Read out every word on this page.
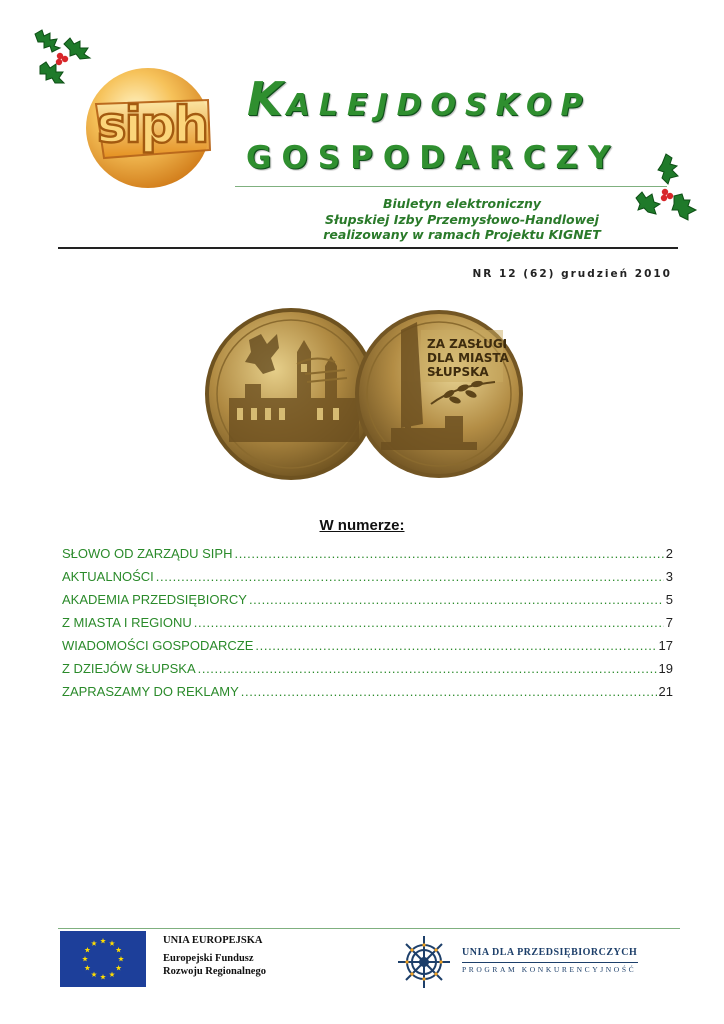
siph KALEJDOSKOP
GOSPODARCZY
Biuletyn elektroniczny
Słupskiej Izby Przemysłowo-Handlowej
realizowany w ramach Projektu KIGNET
NR 12 (62) grudzień 2010
ZA ZASŁUGI
DLA MIASTA
SŁUPSKA
W numerze:
SŁOWO OD ZARZĄDU SIPH . . .	2
AKTUALNOŚCI . . .	3
AKADEMIA PRZEDSIĘBIORCY . . .	5
Z MIASTA I REGIONU . . .	7
WIADOMOŚCI GOSPODARCZE . . .	17
Z DZIEJÓW SŁUPSKA . . .	19
ZAPRASZAMY DO REKLAMY . . .	21
UNIA EUROPEJSKA
Europejski Fundusz
Rozwoju Regionalnego
UNIA DLA PRZEDSIĘBIORCZYCH
PROGRAM KONKURENCYJNOŚĆ
